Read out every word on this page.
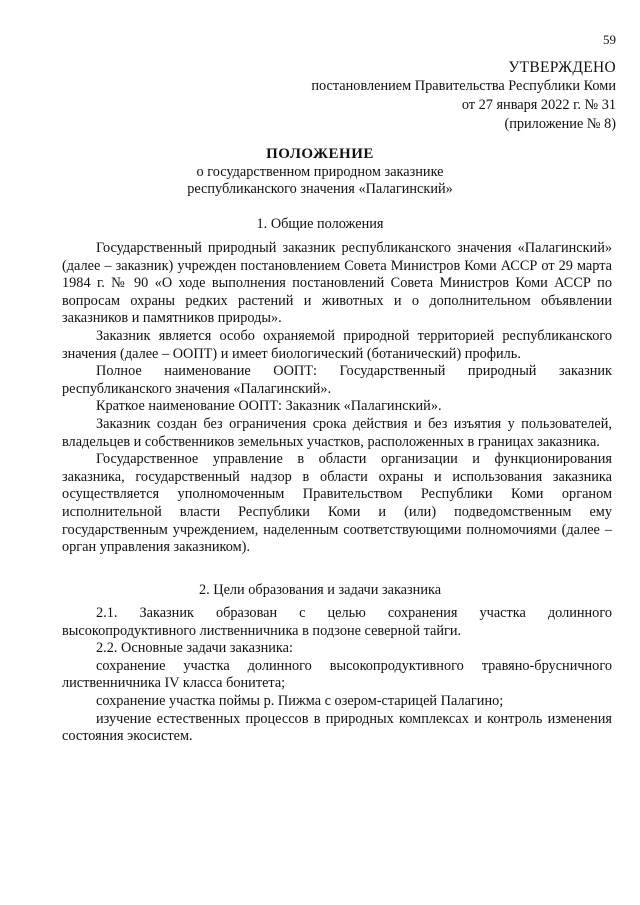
59
УТВЕРЖДЕНО
постановлением Правительства Республики Коми
от 27 января 2022 г. № 31
(приложение № 8)
ПОЛОЖЕНИЕ
о государственном природном заказнике
республиканского значения «Палагинский»
1. Общие положения

Государственный природный заказник республиканского значения «Палагинский» (далее – заказник) учрежден постановлением Совета Министров Коми АССР от 29 марта 1984 г. № 90 «О ходе выполнения постановлений Совета Министров Коми АССР по вопросам охраны редких растений и животных и о дополнительном объявлении заказников и памятников природы».

Заказник является особо охраняемой природной территорией республиканского значения (далее – ООПТ) и имеет биологический (ботанический) профиль.

Полное наименование ООПТ: Государственный природный заказник республиканского значения «Палагинский».

Краткое наименование ООПТ: Заказник «Палагинский».

Заказник создан без ограничения срока действия и без изъятия у пользователей, владельцев и собственников земельных участков, расположенных в границах заказника.

Государственное управление в области организации и функционирования заказника, государственный надзор в области охраны и использования заказника осуществляется уполномоченным Правительством Республики Коми органом исполнительной власти Республики Коми и (или) подведомственным ему государственным учреждением, наделенным соответствующими полномочиями (далее – орган управления заказником).

2. Цели образования и задачи заказника

2.1. Заказник образован с целью сохранения участка долинного высокопродуктивного лиственничника в подзоне северной тайги.

2.2. Основные задачи заказника:

сохранение участка долинного высокопродуктивного травяно-брусничного лиственничника IV класса бонитета;

сохранение участка поймы р. Пижма с озером-старицей Палагино;

изучение естественных процессов в природных комплексах и контроль изменения состояния экосистем.
